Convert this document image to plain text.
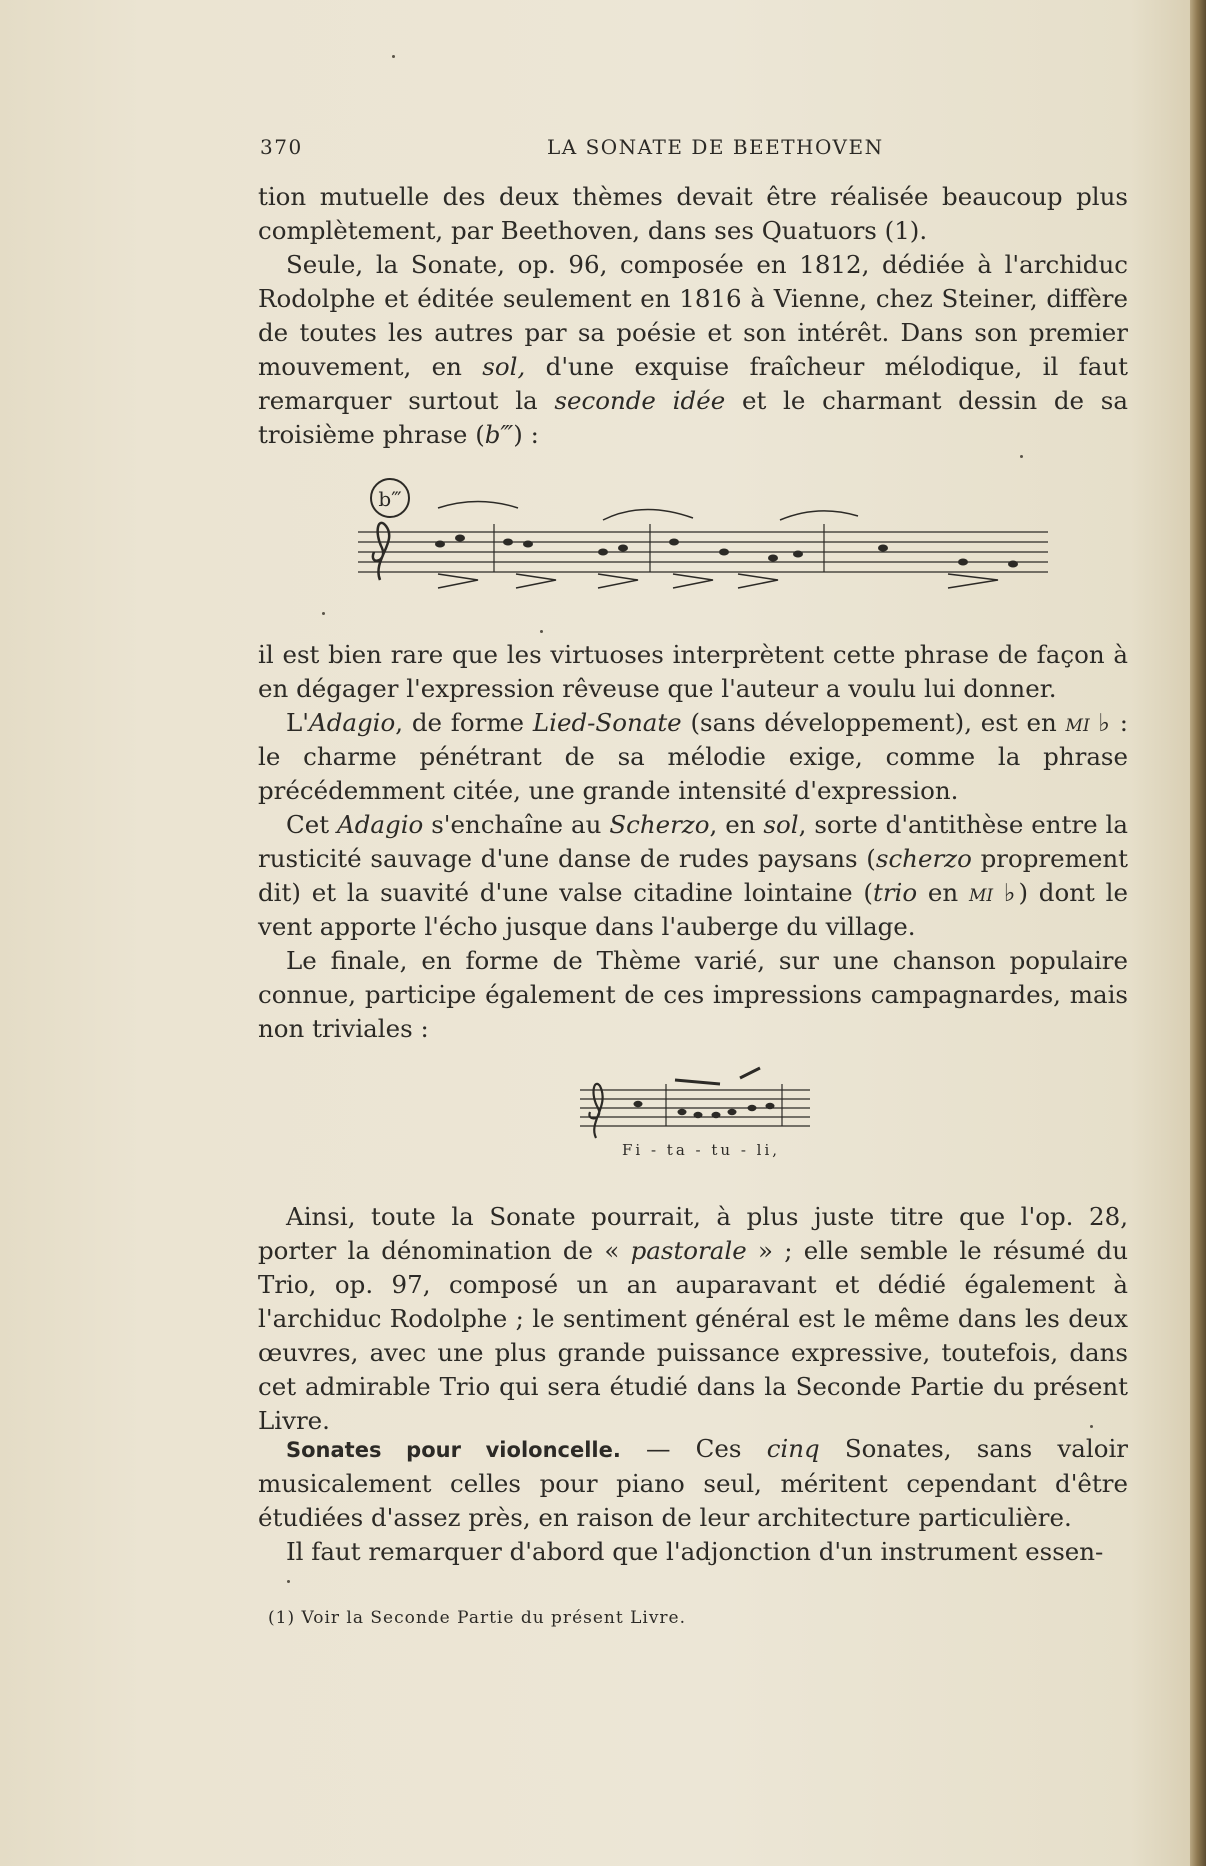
370	LA SONATE DE BEETHOVEN

tion mutuelle des deux thèmes devait être réalisée beaucoup plus complètement, par Beethoven, dans ses Quatuors (1).

Seule, la Sonate, op. 96, composée en 1812, dédiée à l'archiduc Rodolphe et éditée seulement en 1816 à Vienne, chez Steiner, diffère de toutes les autres par sa poésie et son intérêt. Dans son premier mouvement, en sol, d'une exquise fraîcheur mélodique, il faut remarquer surtout la seconde idée et le charmant dessin de sa troisième phrase (b‴) :

b‴

il est bien rare que les virtuoses interprètent cette phrase de façon à en dégager l'expression rêveuse que l'auteur a voulu lui donner.

L'Adagio, de forme Lied-Sonate (sans développement), est en mi ♭ : le charme pénétrant de sa mélodie exige, comme la phrase précédemment citée, une grande intensité d'expression.

Cet Adagio s'enchaîne au Scherzo, en sol, sorte d'antithèse entre la rusticité sauvage d'une danse de rudes paysans (scherzo proprement dit) et la suavité d'une valse citadine lointaine (trio en mi ♭) dont le vent apporte l'écho jusque dans l'auberge du village.

Le finale, en forme de Thème varié, sur une chanson populaire connue, participe également de ces impressions campagnardes, mais non triviales :

Fi - ta - tu - li,

Ainsi, toute la Sonate pourrait, à plus juste titre que l'op. 28, porter la dénomination de « pastorale » ; elle semble le résumé du Trio, op. 97, composé un an auparavant et dédié également à l'archiduc Rodolphe ; le sentiment général est le même dans les deux œuvres, avec une plus grande puissance expressive, toutefois, dans cet admirable Trio qui sera étudié dans la Seconde Partie du présent Livre.

Sonates pour violoncelle. — Ces cinq Sonates, sans valoir musicalement celles pour piano seul, méritent cependant d'être étudiées d'assez près, en raison de leur architecture particulière.

Il faut remarquer d'abord que l'adjonction d'un instrument essen-

(1) Voir la Seconde Partie du présent Livre.
